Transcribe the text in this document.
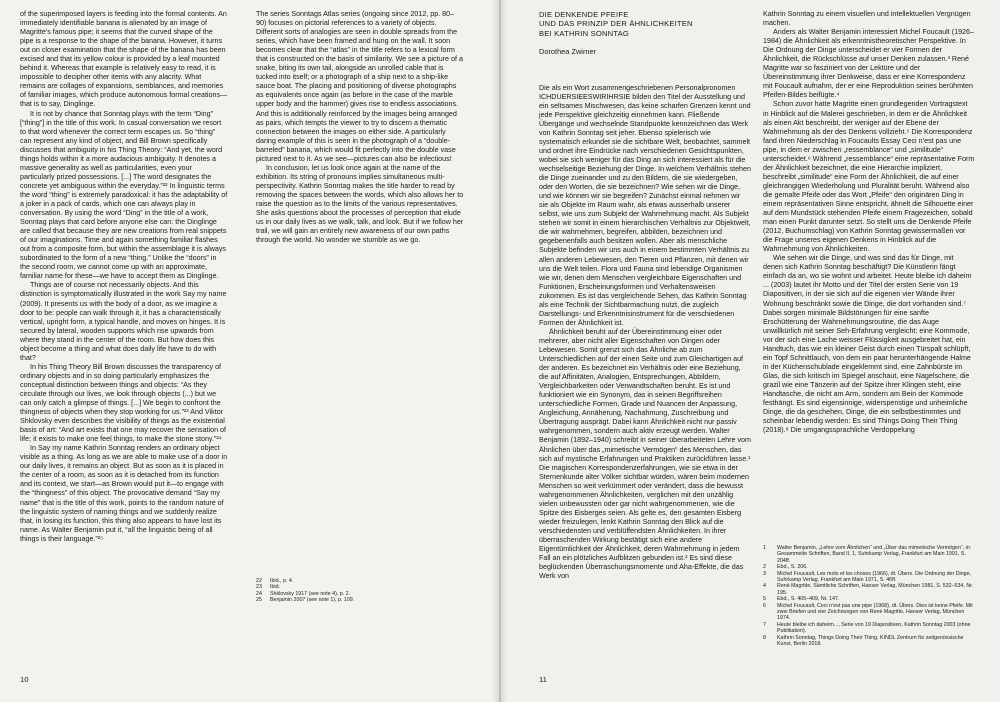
of the superimposed layers is feeding into the formal contents. An immediately identifiable banana is alienated by an image of Magritte’s famous pipe; it seems that the curved shape of the pipe is a response to the shape of the banana. However, it turns out on closer examination that the shape of the banana has been excised and that its yellow colour is provided by a leaf mounted behind it. Whereas that example is relatively easy to read, it is impossible to decipher other items with any alacrity. What remains are collages of expansions, semblances, and memories of familiar images, which produce autonomous formal creations—that is to say, Dinglinge.

It is not by chance that Sonntag plays with the term “Ding” [“thing”] in the title of this work. In casual conversation we resort to that word whenever the correct term escapes us. So “thing” can represent any kind of object, and Bill Brown specifically discusses that ambiguity in his Thing Theory: “And yet, the word things holds within it a more audacious ambiguity. It denotes a massive generality as well as particularities, even your particularly prized possessions. [...] The word designates the concrete yet ambiguous within the everyday.”²² In linguistic terms the word “thing” is extremely paradoxical: it has the adaptability of a joker in a pack of cards, which one can always play in conversation. By using the word “Ding” in the title of a work, Sonntag plays that card before anyone else can: the Dinglinge are called that because they are new creations from real snippets of our imaginations. Time and again something familiar flashes out from a composite form, but within the assemblage it is always subordinated to the form of a new “thing.” Unlike the “doors” in the second room, we cannot come up with an approximate, familiar name for these—we have to accept them as Dinglinge.

Things are of course not necessarily objects. And this distinction is symptomatically illustrated in the work Say my name (2009). It presents us with the body of a door, as we imagine a door to be: people can walk through it, it has a characteristically vertical, upright form, a typical handle, and moves on hinges. It is secured by lateral, wooden supports which rise upwards from where they stand in the center of the room. But how does this object become a thing and what does daily life have to do with that?

In his Thing Theory Bill Brown discusses the transparency of ordinary objects and in so doing particularly emphasizes the conceptual distinction between things and objects: “As they circulate through our lives, we look through objects (...) but we can only catch a glimpse of things. [...] We begin to confront the thingness of objects when they stop working for us.”²³ And Viktor Shklovsky even describes the visibility of things as the existential basis of art: “And art exists that one may recover the sensation of life; it exists to make one feel things, to make the stone stony.”²⁴

In Say my name Kathrin Sonntag renders an ordinary object visible as a thing. As long as we are able to make use of a door in our daily lives, it remains an object. But as soon as it is placed in the center of a room, as soon as it is detached from its function and its context, we start—as Brown would put it—to engage with the “thingness” of this object. The provocative demand “Say my name” that is the title of this work, points to the random nature of the linguistic system of naming things and we suddenly realize that, in losing its function, this thing also appears to have lost its name. As Walter Benjamin put it, “all the linguistic being of all things is their language.”²⁵

The series Sonntags Atlas series (ongoing since 2012, pp. 80–90) focuses on pictorial references to a variety of objects. Different sorts of analogies are seen in double spreads from the series, which have been framed and hung on the wall. It soon becomes clear that the “atlas” in the title refers to a lexical form that is constructed on the basis of similarity. We see a picture of a snake, biting its own tail, alongside an unrolled cable that is tucked into itself; or a photograph of a ship next to a ship-like sauce boat. The placing and positioning of diverse photographs as equivalents once again (as before in the case of the marble upper body and the hammer) gives rise to endless associations. And this is additionally reinforced by the images being arranged as pairs, which tempts the viewer to try to discern a thematic connection between the images on either side. A particularly daring example of this is seen in the photograph of a “double-barreled” banana, which would fit perfectly into the double vase pictured next to it. As we see—pictures can also be infectious!

In conclusion, let us look once again at the name of the exhibition. Its string of pronouns implies simultaneous multi-perspectivity. Kathrin Sonntag makes the title harder to read by removing the spaces between the words, which also allows her to raise the question as to the limits of the various representatives. She asks questions about the processes of perception that elude us in our daily lives as we walk, talk, and look. But if we follow her trail, we will gain an entirely new awareness of our own paths through the world. No wonder we stumble as we go.

22	Ibid., p. 4.
23	Ibid.
24	Shklovsky 1917 (see note 4), p. 2.
25	Benjamin 2007 (see note 1), p. 109.
10

DIE DENKENDE PFEIFE

UND DAS PRINZIP DER ÄHNLICHKEITEN

BEI KATHRIN SONNTAG

Dorothea Zwirner

Die als ein Wort zusammengeschriebenen Personalpronomen ICHDUERSIEESWIRIHRSIE bilden den Titel der Ausstellung und ein seltsames Mischwesen, das keine scharfen Grenzen kennt und jede Perspektive gleichzeitig einnehmen kann. Fließende Übergänge und wechselnde Standpunkte kennzeichnen das Werk von Kathrin Sonntag seit jeher. Ebenso spielerisch wie systematisch erkundet sie die sichtbare Welt, beobachtet, sammelt und ordnet ihre Eindrücke nach verschiedenen Gesichtspunkten, wobei sie sich weniger für das Ding an sich interessiert als für die wechselseitige Beziehung der Dinge. In welchem Verhältnis stehen die Dinge zueinander und zu den Bildern, die sie wiedergeben, oder den Worten, die sie bezeichnen? Wie sehen wir die Dinge, und wie können wir sie begreifen? Zunächst einmal nehmen wir sie als Objekte im Raum wahr, als etwas ausserhalb unserer selbst, wie uns zum Subjekt der Wahrnehmung macht. Als Subjekt stehen wir somit in einem hierarchischen Verhältnis zur Objektwelt, die wir wahrnehmen, begreifen, abbilden, bezeichnen und gegebenenfalls auch besitzen wollen. Aber als menschliche Subjekte befinden wir uns auch in einem bestimmten Verhältnis zu allen anderen Lebewesen, den Tieren und Pflanzen, mit denen wir uns die Welt teilen. Flora und Fauna sind lebendige Organismen wie wir, denen dem Menschen vergleichbare Eigenschaften und Funktionen, Erscheinungsformen und Verhaltensweisen zukommen. Es ist das vergleichende Sehen, das Kathrin Sonntag als eine Technik der Sichtbarmachung nutzt, die zugleich Darstellungs- und Erkenntnisinstrument für die verschiedenen Formen der Ähnlichkeit ist.

Ähnlichkeit beruht auf der Übereinstimmung einer oder mehrerer, aber nicht aller Eigenschaften von Dingen oder Lebewesen. Somit grenzt sich das Ähnliche ab zum Unterschiedlichen auf der einen Seite und zum Gleichartigen auf der anderen. Es bezeichnet ein Verhältnis oder eine Beziehung, die auf Affinitäten, Analogien, Entsprechungen, Abbildern, Vergleichbarkeiten oder Verwandtschaften beruht. Es ist und funktioniert wie ein Synonym, das in seinen Begriffsreihen unterschiedliche Formen, Grade und Nuancen der Anpassung, Angleichung, Annäherung, Nachahmung, Zuschreibung und Übertragung ausprägt. Dabei kann Ähnlichkeit nicht nur passiv wahrgenommen, sondern auch aktiv erzeugt werden. Walter Benjamin (1892–1940) schreibt in seiner überarbeiteten Lehre vom Ähnlichen über das „mimetische Vermögen“ des Menschen, das sich auf mystische Erfahrungen und Praktiken zurückführen lasse.¹ Die magischen Korrespondenzerfahrungen, wie sie etwa in der Sternenkunde alter Völker sichtbar würden, wären beim modernen Menschen so weit verkümmert oder verändert, dass die bewusst wahrgenommenen Ähnlichkeiten, verglichen mit den unzählig vielen unbewussten oder gar nicht wahrgenommenen, wie die Spitze des Eisberges seien. Als gelte es, den gesamten Eisberg wieder freizulegen, lenkt Kathrin Sonntag den Blick auf die verschiedensten und verblüffendsten Ähnlichkeiten. In ihrer überraschenden Wirkung bestätigt sich eine andere Eigentümlichkeit der Ähnlichkeit, deren Wahrnehmung in jedem Fall an ein plötzliches Aufblitzen gebunden ist.² Es sind diese beglückenden Überraschungsmomente und Aha-Effekte, die das Werk von

Kathrin Sonntag zu einem visuellen und intellektuellen Vergnügen machen.

Anders als Walter Benjamin interessiert Michel Foucault (1926–1984) die Ähnlichkeit als erkenntnistheoretischer Perspektive. In Die Ordnung der Dinge unterscheidet er vier Formen der Ähnlichkeit, die Rückschlüsse auf unser Denken zulassen.³ René Magritte war so fasziniert von der Lektüre und der Übereinstimmung ihrer Denkweise, dass er eine Korrespondenz mit Foucault aufnahm, der er eine Reproduktion seines berühmten Pfeifen-Bildes beifügte.⁴

Schon zuvor hatte Magritte einen grundlegenden Vortragstext in Hinblick auf die Malerei geschrieben, in dem er die Ähnlichkeit als einen Akt beschreibt, der weniger auf der Ebene der Wahrnehmung als der des Denkens vollzieht.⁵ Die Korrespondenz fand ihren Niederschlag in Foucaults Essay Ceci n’est pas une pipe, in dem er zwischen „ressemblance“ und „similitude“ unterscheidet.⁶ Während „ressemblance“ eine repräsentative Form der Ähnlichkeit bezeichnet, die eine Hierarchie impliziert, beschreibt „similitude“ eine Form der Ähnlichkeit, die auf einer gleichrangigen Wiederholung und Pluralität beruht. Während also die gemalte Pfeife oder das Wort „Pfeife“ den originären Ding in einem repräsentativen Sinne entspricht, ähnelt die Silhouette einer auf dem Mundstück stehenden Pfeife einem Fragezeichen, sobald man einen Punkt darunter setzt. So stellt uns die Denkende Pfeife (2012, Buchumschlag) von Kathrin Sonntag gewissermaßen vor die Frage unseres eigenen Denkens in Hinblick auf die Wahrnehmung von Ähnlichkeiten.

Wie sehen wir die Dinge, und was sind das für Dinge, mit denen sich Kathrin Sonntag beschäftigt? Die Künstlerin fängt einfach da an, wo sie wohnt und arbeitet. Heute bleibe ich daheim ... (2003) lautet ihr Motto und der Titel der ersten Serie von 19 Diapositiven, in der sie sich auf die eigenen vier Wände ihrer Wohnung beschränkt sowie die Dinge, die dort vorhanden sind.⁷ Dabei sorgen minimale Bildstörungen für eine sanfte Erschütterung der Wahrnehmungsroutine, die das Auge unwillkürlich mit seiner Seh-Erfahrung vergleicht: eine Kommode, vor der sich eine Lache weisser Flüssigkeit ausgebreitet hat, ein Handtuch, das wie ein kleiner Geist durch einen Türspalt schlüpft, ein Topf Schnittlauch, von dem ein paar herunterhängende Halme in der Küchenschublade eingeklemmt sind, eine Zahnbürste im Glas, die sich kritisch im Spiegel anschaut, eine Nagelschere, die grazil wie eine Tänzerin auf der Spitze ihrer Klingen steht, eine Handtasche, die nicht am Arm, sondern am Bein der Kommode festhängt. Es sind eigensinnige, widerspenstige und unheimliche Dinge, die da geschehen, Dinge, die ein selbstbestimmtes und scheinbar lebendig werden: Es sind Things Doing Their Thing (2018).⁸ Die umgangssprachliche Verdoppelung

1	Walter Benjamin, „Lehre vom Ähnlichen“ und „Über das mimetische Vermögen“, in: Gesammelte Schriften, Band II, 1, Suhrkamp Verlag, Frankfurt am Main 1991, S. 204ff.
2	Ebd., S. 206.
3	Michel Foucault, Les mots et les choses (1966), dt. Übers. Die Ordnung der Dinge, Suhrkamp Verlag, Frankfurt am Main 1971, S. 46ff.
4	René Magritte, Sämtliche Schriften, Hanser Verlag, München 1981, S. 532–534, Nr. 195.
5	Ebd., S. 405–409, Nr. 147.
6	Michel Foucault, Ceci n’est pas une pipe (1968), dt. Übers. Dies ist keine Pfeife. Mit zwei Briefen und vier Zeichnungen von René Magritte, Hanser Verlag, München 1974.
7	Heute bleibe ich daheim..., Serie von 19 Diapositiven, Kathrin Sonntag 2003 (ohne Publikation).
8	Kathrin Sonntag, Things Doing Their Thing, KINDL Zentrum für zeitgenössische Kunst, Berlin 2018.
11
